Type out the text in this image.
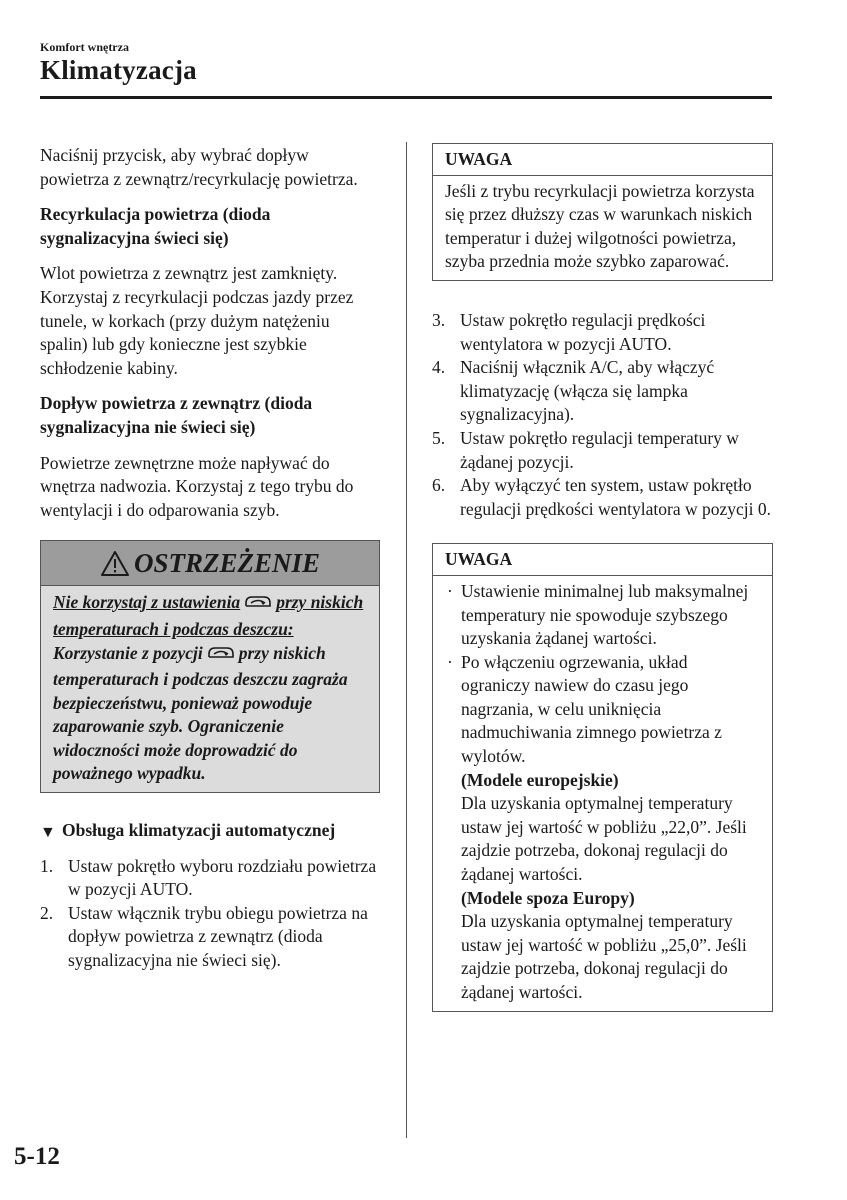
Komfort wnętrza
Klimatyzacja

Naciśnij przycisk, aby wybrać dopływ powietrza z zewnątrz/recyrkulację powietrza.

Recyrkulacja powietrza (dioda sygnalizacyjna świeci się)

Wlot powietrza z zewnątrz jest zamknięty. Korzystaj z recyrkulacji podczas jazdy przez tunele, w korkach (przy dużym natężeniu spalin) lub gdy konieczne jest szybkie schłodzenie kabiny.

Dopływ powietrza z zewnątrz (dioda sygnalizacyjna nie świeci się)

Powietrze zewnętrzne może napływać do wnętrza nadwozia. Korzystaj z tego trybu do wentylacji i do odparowania szyb.

OSTRZEŻENIE

Nie korzystaj z ustawienia przy niskich temperaturach i podczas deszczu:

Korzystanie z pozycji przy niskich temperaturach i podczas deszczu zagraża bezpieczeństwu, ponieważ powoduje zaparowanie szyb. Ograniczenie widoczności może doprowadzić do poważnego wypadku.

▼ Obsługa klimatyzacji automatycznej
1. Ustaw pokrętło wyboru rozdziału powietrza w pozycji AUTO.
2. Ustaw włącznik trybu obiegu powietrza na dopływ powietrza z zewnątrz (dioda sygnalizacyjna nie świeci się).
UWAGA
Jeśli z trybu recyrkulacji powietrza korzysta się przez dłuższy czas w warunkach niskich temperatur i dużej wilgotności powietrza, szyba przednia może szybko zaparować.
3. Ustaw pokrętło regulacji prędkości wentylatora w pozycji AUTO.
4. Naciśnij włącznik A/C, aby włączyć klimatyzację (włącza się lampka sygnalizacyjna).
5. Ustaw pokrętło regulacji temperatury w żądanej pozycji.
6. Aby wyłączyć ten system, ustaw pokrętło regulacji prędkości wentylatora w pozycji 0.
UWAGA
· Ustawienie minimalnej lub maksymalnej temperatury nie spowoduje szybszego uzyskania żądanej wartości.
· Po włączeniu ogrzewania, układ ograniczy nawiew do czasu jego nagrzania, w celu uniknięcia nadmuchiwania zimnego powietrza z wylotów.
(Modele europejskie)
Dla uzyskania optymalnej temperatury ustaw jej wartość w pobliżu „22,0”. Jeśli zajdzie potrzeba, dokonaj regulacji do żądanej wartości.
(Modele spoza Europy)
Dla uzyskania optymalnej temperatury ustaw jej wartość w pobliżu „25,0”. Jeśli zajdzie potrzeba, dokonaj regulacji do żądanej wartości.
5-12
